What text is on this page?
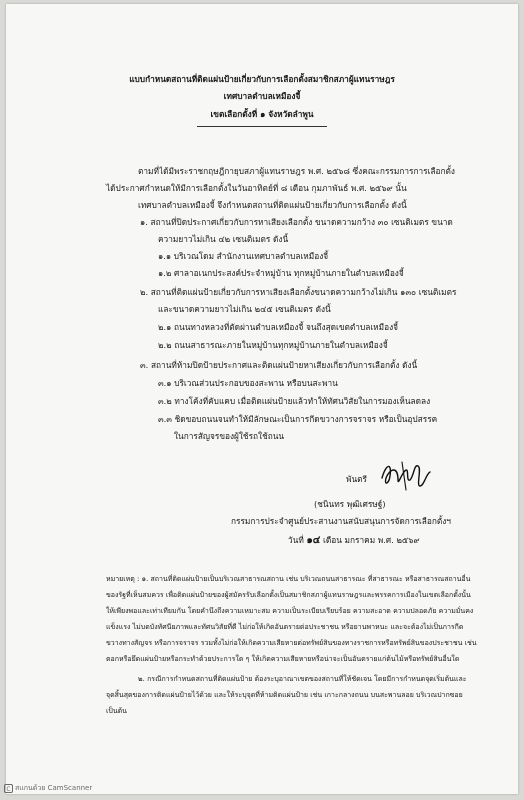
แบบกำหนดสถานที่ติดแผ่นป้ายเกี่ยวกับการเลือกตั้งสมาชิกสภาผู้แทนราษฎร

เทศบาลตำบลเหมืองจี้

เขตเลือกตั้งที่ ๑ จังหวัดลำพูน

ตามที่ได้มีพระราชกฤษฎีกายุบสภาผู้แทนราษฎร พ.ศ. ๒๕๖๘ ซึ่งคณะกรรมการการเลือกตั้ง

ได้ประกาศกำหนดให้มีการเลือกตั้งในวันอาทิตย์ที่ ๘ เดือน กุมภาพันธ์ พ.ศ. ๒๕๖๙ นั้น

เทศบาลตำบลเหมืองจี้ จึงกำหนดสถานที่ติดแผ่นป้ายเกี่ยวกับการเลือกตั้ง ดังนี้

๑. สถานที่ปิดประกาศเกี่ยวกับการหาเสียงเลือกตั้ง ขนาดความกว้าง ๓๐ เซนติเมตร ขนาด

ความยาวไม่เกิน ๔๒ เซนติเมตร ดังนี้

๑.๑ บริเวณโดม สำนักงานเทศบาลตำบลเหมืองจี้

๑.๒ ศาลาอเนกประสงค์ประจำหมู่บ้าน ทุกหมู่บ้านภายในตำบลเหมืองจี้

๒. สถานที่ติดแผ่นป้ายเกี่ยวกับการหาเสียงเลือกตั้งขนาดความกว้างไม่เกิน ๑๓๐ เซนติเมตร

และขนาดความยาวไม่เกิน ๒๔๕ เซนติเมตร ดังนี้

๒.๑ ถนนทางหลวงที่ตัดผ่านตำบลเหมืองจี้ จนถึงสุดเขตตำบลเหมืองจี้

๒.๒ ถนนสาธารณะภายในหมู่บ้านทุกหมู่บ้านภายในตำบลเหมืองจี้

๓. สถานที่ห้ามปิดป้ายประกาศและติดแผ่นป้ายหาเสียงเกี่ยวกับการเลือกตั้ง ดังนี้

๓.๑ บริเวณส่วนประกอบของสะพาน หรือบนสะพาน

๓.๒ ทางโค้งที่คับแคบ เมื่อติดแผ่นป้ายแล้วทำให้ทัศนวิสัยในการมองเห็นลดลง

๓.๓ ชิดขอบถนนจนทำให้มีลักษณะเป็นการกีดขวางการจราจร หรือเป็นอุปสรรค

ในการสัญจรของผู้ใช้รถใช้ถนน

พันตรี

(ชนินทร พุฒิเศรษฐ์)

กรรมการประจำศูนย์ประสานงานสนับสนุนการจัดการเลือกตั้งฯ

วันที่ ๑๔ เดือน มกราคม พ.ศ. ๒๕๖๙

หมายเหตุ : ๑. สถานที่ติดแผ่นป้ายเป็นบริเวณสาธารณสถาน เช่น บริเวณถนนสาธารณะ ที่สาธารณะ หรือสาธารณสถานอื่น

ของรัฐที่เห็นสมควร เพื่อติดแผ่นป้ายของผู้สมัครรับเลือกตั้งเป็นสมาชิกสภาผู้แทนราษฎรและพรรคการเมืองในเขตเลือกตั้งนั้น

ให้เพียงพอและเท่าเทียมกัน โดยคำนึงถึงความเหมาะสม ความเป็นระเบียบเรียบร้อย ความสะอาด ความปลอดภัย ความมั่นคง

แข็งแรง ไม่บดบังทัศนียภาพและทัศนวิสัยที่ดี ไม่ก่อให้เกิดอันตรายต่อประชาชน หรือยานพาหนะ และจะต้องไม่เป็นการกีด

ขวางทางสัญจร หรือการจราจร รวมทั้งไม่ก่อให้เกิดความเสียหายต่อทรัพย์สินของทางราชการหรือทรัพย์สินของประชาชน เช่น

ตอกหรือยึดแผ่นป้ายหรือกระทำด้วยประการใด ๆ ให้เกิดความเสียหายหรือน่าจะเป็นอันตรายแก่ต้นไม้หรือทรัพย์สินอื่นใด

๒. กรณีการกำหนดสถานที่ติดแผ่นป้าย ต้องระบุอาณาเขตของสถานที่ให้ชัดเจน โดยมีการกำหนดจุดเริ่มต้นและ

จุดสิ้นสุดของการติดแผ่นป้ายไว้ด้วย และให้ระบุจุดที่ห้ามติดแผ่นป้าย เช่น เกาะกลางถนน บนสะพานลอย บริเวณปากซอย

เป็นต้น

C สแกนด้วย CamScanner
